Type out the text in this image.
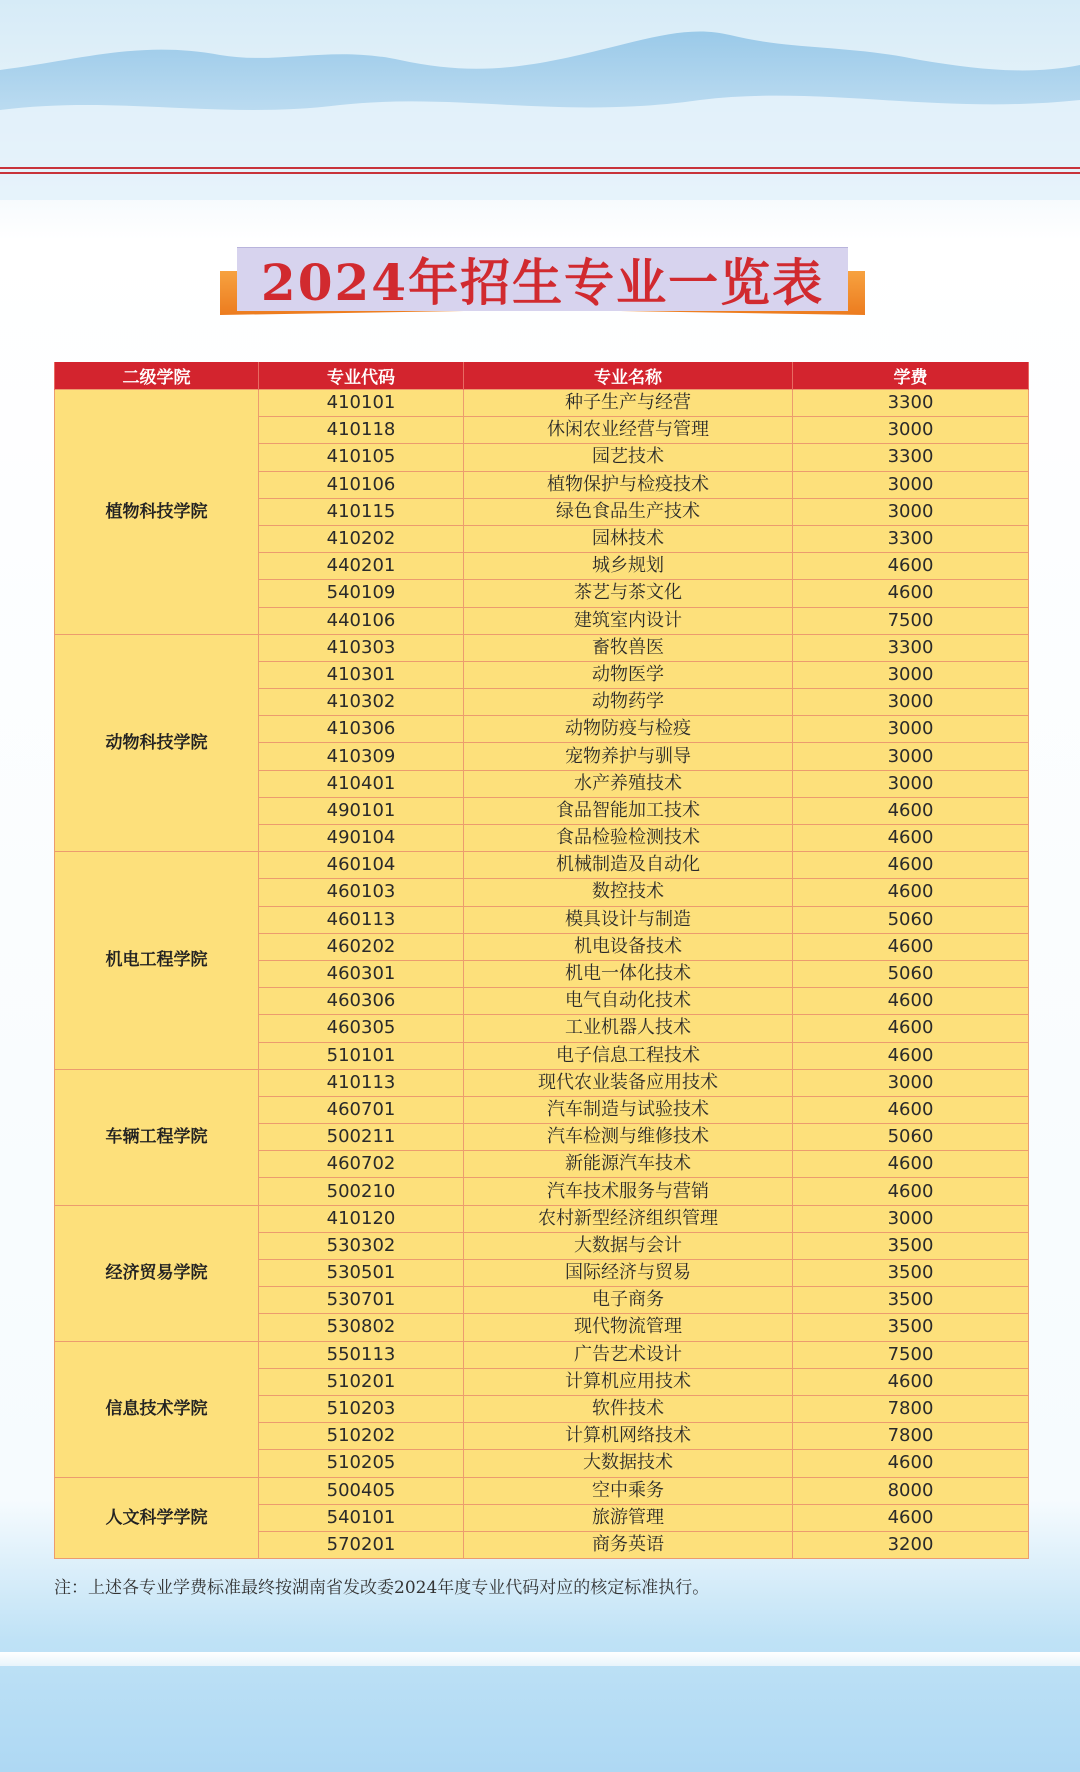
2024年招生专业一览表
二级学院	专业代码	专业名称	学费
植物科技学院	410101	种子生产与经营	3300
	410118	休闲农业经营与管理	3000
	410105	园艺技术	3300
	410106	植物保护与检疫技术	3000
	410115	绿色食品生产技术	3000
	410202	园林技术	3300
	440201	城乡规划	4600
	540109	茶艺与茶文化	4600
	440106	建筑室内设计	7500
动物科技学院	410303	畜牧兽医	3300
	410301	动物医学	3000
	410302	动物药学	3000
	410306	动物防疫与检疫	3000
	410309	宠物养护与驯导	3000
	410401	水产养殖技术	3000
	490101	食品智能加工技术	4600
	490104	食品检验检测技术	4600
机电工程学院	460104	机械制造及自动化	4600
	460103	数控技术	4600
	460113	模具设计与制造	5060
	460202	机电设备技术	4600
	460301	机电一体化技术	5060
	460306	电气自动化技术	4600
	460305	工业机器人技术	4600
	510101	电子信息工程技术	4600
车辆工程学院	410113	现代农业装备应用技术	3000
	460701	汽车制造与试验技术	4600
	500211	汽车检测与维修技术	5060
	460702	新能源汽车技术	4600
	500210	汽车技术服务与营销	4600
经济贸易学院	410120	农村新型经济组织管理	3000
	530302	大数据与会计	3500
	530501	国际经济与贸易	3500
	530701	电子商务	3500
	530802	现代物流管理	3500
信息技术学院	550113	广告艺术设计	7500
	510201	计算机应用技术	4600
	510203	软件技术	7800
	510202	计算机网络技术	7800
	510205	大数据技术	4600
人文科学学院	500405	空中乘务	8000
	540101	旅游管理	4600
	570201	商务英语	3200
注：上述各专业学费标准最终按湖南省发改委2024年度专业代码对应的核定标准执行。
